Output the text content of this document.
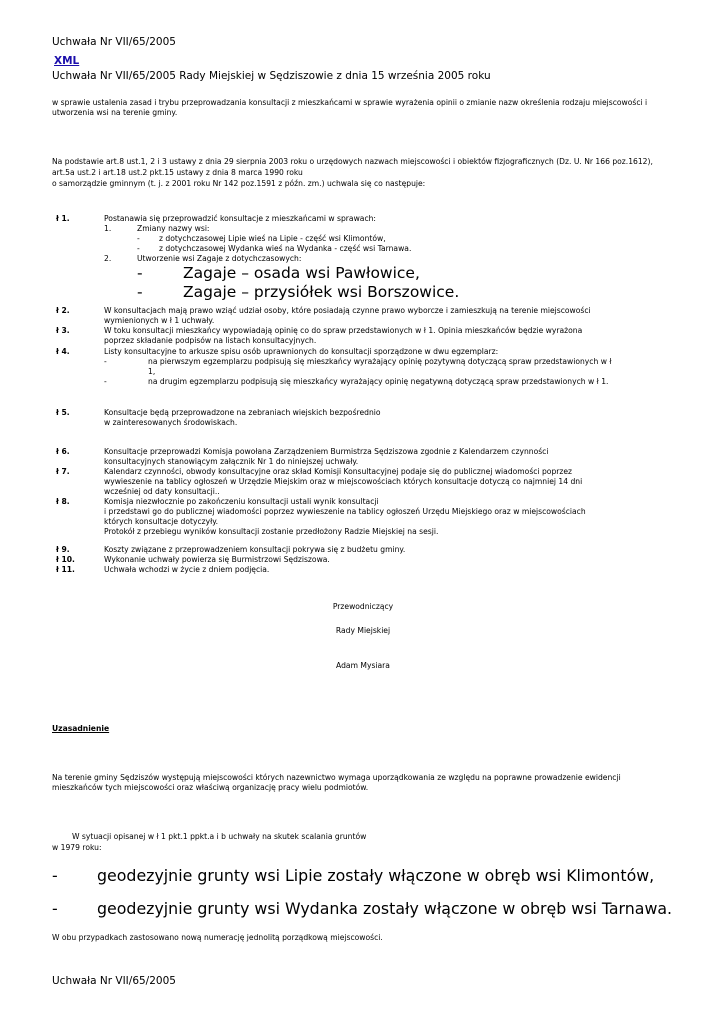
Uchwała Nr VII/65/2005
XML
Uchwała Nr VII/65/2005 Rady Miejskiej w Sędziszowie z dnia 15 września 2005 roku
w sprawie ustalenia zasad i trybu przeprowadzania konsultacji z mieszkańcami w sprawie wyrażenia opinii o zmianie nazw określenia rodzaju miejscowości i utworzenia wsi na terenie gminy.
Na podstawie art.8 ust.1, 2 i 3 ustawy z dnia 29 sierpnia 2003 roku o urzędowych nazwach miejscowości i obiektów fizjograficznych (Dz. U. Nr 166 poz.1612),
art.5a ust.2 i art.18 ust.2 pkt.15 ustawy z dnia 8 marca 1990 roku
o samorządzie gminnym (t. j. z 2001 roku Nr 142 poz.1591 z późn. zm.) uchwala się co następuje:
ł 1.	Postanawia się przeprowadzić konsultacje z mieszkańcami w sprawach:
1.	Zmiany nazwy wsi:
-	z dotychczasowej Lipie wieś na Lipie - część wsi Klimontów,
-	z dotychczasowej Wydanka wieś na Wydanka - część wsi Tarnawa.
2.	Utworzenie wsi Zagaje z dotychczasowych:
-	Zagaje – osada wsi Pawłowice,
-	Zagaje – przysiółek wsi Borszowice.
ł 2.	W konsultacjach mają prawo wziąć udział osoby, które posiadają czynne prawo wyborcze i zamieszkują na terenie miejscowości wymienionych w ł 1 uchwały.
ł 3.	W toku konsultacji mieszkańcy wypowiadają opinię co do spraw przedstawionych w ł 1. Opinia mieszkańców będzie wyrażona poprzez składanie podpisów na listach konsultacyjnych.
ł 4.	Listy konsultacyjne to arkusze spisu osób uprawnionych do konsultacji sporządzone w dwu egzemplarz:
-	na pierwszym egzemplarzu podpisują się mieszkańcy wyrażający opinię pozytywną dotyczącą spraw przedstawionych w ł 1,
-	na drugim egzemplarzu podpisują się mieszkańcy wyrażający opinię negatywną dotyczącą spraw przedstawionych w ł 1.
ł 5.	Konsultacje będą przeprowadzone na zebraniach wiejskich bezpośrednio
w zainteresowanych środowiskach.
ł 6.	Konsultacje przeprowadzi Komisja powołana Zarządzeniem Burmistrza Sędziszowa zgodnie z Kalendarzem czynności konsultacyjnych stanowiącym załącznik Nr 1 do niniejszej uchwały.
ł 7.	Kalendarz czynności, obwody konsultacyjne oraz skład Komisji Konsultacyjnej podaje się do publicznej wiadomości poprzez wywieszenie na tablicy ogłoszeń w Urzędzie Miejskim oraz w miejscowościach których konsultacje dotyczą co najmniej 14 dni wcześniej od daty konsultacji..
ł 8.	Komisja niezwłocznie po zakończeniu konsultacji ustali wynik konsultacji
i przedstawi go do publicznej wiadomości poprzez wywieszenie na tablicy ogłoszeń Urzędu Miejskiego oraz w miejscowościach których konsultacje dotyczyły.
Protokół z przebiegu wyników konsultacji zostanie przedłożony Radzie Miejskiej na sesji.
ł 9.	Koszty związane z przeprowadzeniem konsultacji pokrywa się z budżetu gminy.
ł 10.	Wykonanie uchwały powierza się Burmistrzowi Sędziszowa.
ł 11.	Uchwała wchodzi w życie z dniem podjęcia.
Przewodniczący
Rady Miejskiej
Adam Mysiara
Uzasadnienie
Na terenie gminy Sędziszów występują miejscowości których nazewnictwo wymaga uporządkowania ze względu na poprawne prowadzenie ewidencji mieszkańców tych miejscowości oraz właściwą organizację pracy wielu podmiotów.
W sytuacji opisanej w ł 1 pkt.1 ppkt.a i b uchwały na skutek scalania gruntów
w 1979 roku:
- geodezyjnie grunty wsi Lipie zostały włączone w obręb wsi Klimontów,
- geodezyjnie grunty wsi Wydanka zostały włączone w obręb wsi Tarnawa.
W obu przypadkach zastosowano nową numerację jednolitą porządkową miejscowości.
Uchwała Nr VII/65/2005
